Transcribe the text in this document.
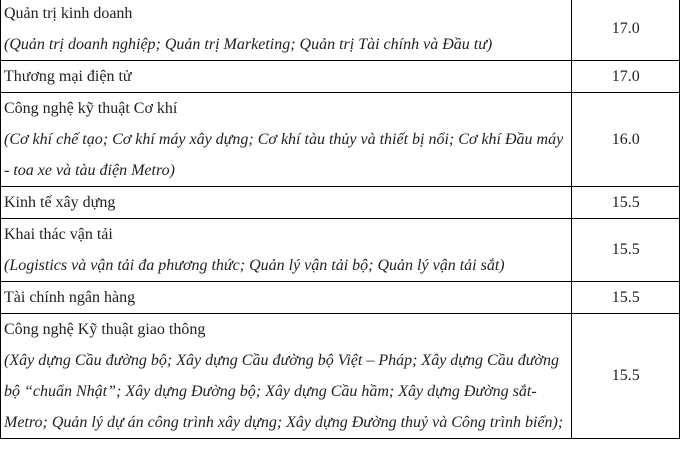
Quản trị kinh doanh
(Quản trị doanh nghiệp; Quản trị Marketing; Quản trị Tài chính và Đầu tư)	17.0

Thương mại điện tử	17.0

Công nghệ kỹ thuật Cơ khí
(Cơ khí chế tạo; Cơ khí máy xây dựng; Cơ khí tàu thủy và thiết bị nổi; Cơ khí Đầu máy - toa xe và tàu điện Metro)	16.0

Kinh tế xây dựng	15.5

Khai thác vận tải
(Logistics và vận tải đa phương thức; Quản lý vận tải bộ; Quản lý vận tải sắt)	15.5

Tài chính ngân hàng	15.5

Công nghệ Kỹ thuật giao thông
(Xây dựng Cầu đường bộ; Xây dựng Cầu đường bộ Việt – Pháp; Xây dựng Cầu đường bộ “chuẩn Nhật”; Xây dựng Đường bộ; Xây dựng Cầu hầm; Xây dựng Đường sắt-Metro; Quản lý dự án công trình xây dựng; Xây dựng Đường thuỷ và Công trình biển);	15.5
